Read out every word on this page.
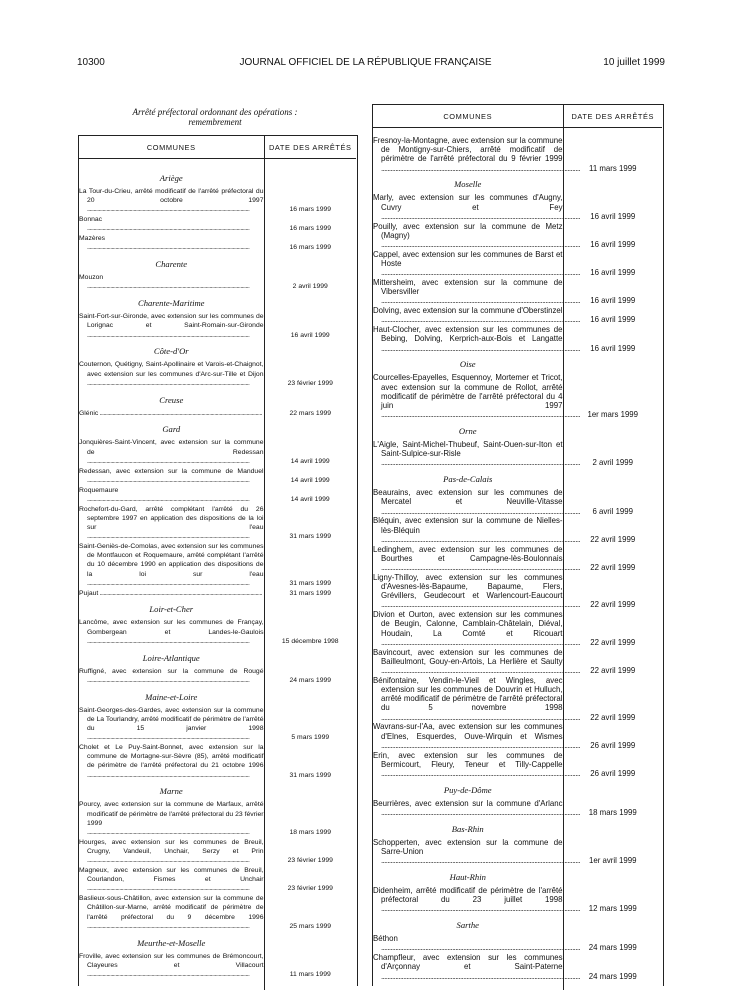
10300	JOURNAL OFFICIEL DE LA RÉPUBLIQUE FRANÇAISE	10 juillet 1999
Arrêté préfectoral ordonnant des opérations :
remembrement
COMMUNES	DATE DES ARRÊTÉS

Ariège	

La Tour-du-Crieu, arrêté modificatif de l'arrêté préfectoral du 20 octobre 1997 .....	16 mars 1999

Bonnac .....	16 mars 1999

Mazères .....	16 mars 1999
Charente	

Mouzon .....	2 avril 1999
Charente-Maritime	

Saint-Fort-sur-Gironde, avec extension sur les communes de Lorignac et Saint-Romain-sur-Gironde .....	16 avril 1999
Côte-d'Or	

Couternon, Quétigny, Saint-Apollinaire et Varois-et-Chaignot, avec extension sur les communes d'Arc-sur-Tille et Dijon .....	23 février 1999
Creuse	

Glénic .....	22 mars 1999
Gard	

Jonquières-Saint-Vincent, avec extension sur la commune de Redessan .....	14 avril 1999

Redessan, avec extension sur la commune de Manduel .....	14 avril 1999

Roquemaure .....	14 avril 1999

Rochefort-du-Gard, arrêté complétant l'arrêté du 26 septembre 1997 en application des dispositions de la loi sur l'eau .....	31 mars 1999

Saint-Geniès-de-Comolas, avec extension sur les communes de Montfaucon et Roquemaure, arrêté complétant l'arrêté du 10 décembre 1990 en application des dispositions de la loi sur l'eau .....	31 mars 1999

Pujaut .....	31 mars 1999
Loir-et-Cher	

Lancôme, avec extension sur les communes de Françay, Gombergean et Landes-le-Gaulois .....	15 décembre 1998
Loire-Atlantique	

Ruffigné, avec extension sur la commune de Rougé .....	24 mars 1999
Maine-et-Loire	

Saint-Georges-des-Gardes, avec extension sur la commune de La Tourlandry, arrêté modificatif de périmètre de l'arrêté du 15 janvier 1998 .....	5 mars 1999

Cholet et Le Puy-Saint-Bonnet, avec extension sur la commune de Mortagne-sur-Sèvre (85), arrêté modificatif de périmètre de l'arrêté préfectoral du 21 octobre 1996 .....	31 mars 1999
Marne	

Pourcy, avec extension sur la commune de Marfaux, arrêté modificatif de périmètre de l'arrêté préfectoral du 23 février 1999 .....	18 mars 1999

Hourges, avec extension sur les communes de Breuil, Crugny, Vandeuil, Unchair, Serzy et Prin .....	23 février 1999

Magneux, avec extension sur les communes de Breuil, Courlandon, Fismes et Unchair .....	23 février 1999

Baslieux-sous-Châtillon, avec extension sur la commune de Châtillon-sur-Marne, arrêté modificatif de périmètre de l'arrêté préfectoral du 9 décembre 1996 .....	25 mars 1999
Meurthe-et-Moselle	

Froville, avec extension sur les communes de Brémoncourt, Clayeures et Villacourt .....	11 mars 1999

COMMUNES	DATE DES ARRÊTÉS

Fresnoy-la-Montagne, avec extension sur la commune de Montigny-sur-Chiers, arrêté modificatif de périmètre de l'arrêté préfectoral du 9 février 1999 .....	11 mars 1999
Moselle	

Marly, avec extension sur les communes d'Augny, Cuvry et Fey .....	16 avril 1999

Pouilly, avec extension sur la commune de Metz (Magny) .....	16 avril 1999

Cappel, avec extension sur les communes de Barst et Hoste .....	16 avril 1999

Mittersheim, avec extension sur la commune de Vibersviller .....	16 avril 1999

Dolving, avec extension sur la commune d'Oberstinzel .....	16 avril 1999

Haut-Clocher, avec extension sur les communes de Bebing, Dolving, Kerprich-aux-Bois et Langatte .....	16 avril 1999
Oise	

Courcelles-Epayelles, Esquennoy, Mortemer et Tricot, avec extension sur la commune de Rollot, arrêté modificatif de périmètre de l'arrêté préfectoral du 4 juin 1997 .....	1er mars 1999
Orne	

L'Aigle, Saint-Michel-Thubeuf, Saint-Ouen-sur-Iton et Saint-Sulpice-sur-Risle .....	2 avril 1999
Pas-de-Calais	

Beaurains, avec extension sur les communes de Mercatel et Neuville-Vitasse .....	6 avril 1999

Bléquin, avec extension sur la commune de Nielles-lès-Bléquin .....	22 avril 1999

Ledinghem, avec extension sur les communes de Bourthes et Campagne-lès-Boulonnais .....	22 avril 1999

Ligny-Thilloy, avec extension sur les communes d'Avesnes-lès-Bapaume, Bapaume, Flers, Grévillers, Geudecourt et Warlencourt-Eaucourt .....	22 avril 1999

Divion et Ourton, avec extension sur les communes de Beugin, Calonne, Camblain-Châtelain, Diéval, Houdain, La Comté et Ricouart .....	22 avril 1999

Bavincourt, avec extension sur les communes de Bailleulmont, Gouy-en-Artois, La Herlière et Saulty .....	22 avril 1999

Bénifontaine, Vendin-le-Vieil et Wingles, avec extension sur les communes de Douvrin et Hulluch, arrêté modificatif de périmètre de l'arrêté préfectoral du 5 novembre 1998 .....	22 avril 1999

Wavrans-sur-l'Aa, avec extension sur les communes d'Elnes, Esquerdes, Ouve-Wirquin et Wismes .....	26 avril 1999

Erin, avec extension sur les communes de Bermicourt, Fleury, Teneur et Tilly-Cappelle .....	26 avril 1999
Puy-de-Dôme	

Beurrières, avec extension sur la commune d'Arlanc .....	18 mars 1999
Bas-Rhin	

Schopperten, avec extension sur la commune de Sarre-Union .....	1er avril 1999
Haut-Rhin	

Didenheim, arrêté modificatif de périmètre de l'arrêté préfectoral du 23 juillet 1998 .....	12 mars 1999
Sarthe	

Béthon .....	24 mars 1999

Champfleur, avec extension sur les communes d'Arçonnay et Saint-Paterne .....	24 mars 1999
